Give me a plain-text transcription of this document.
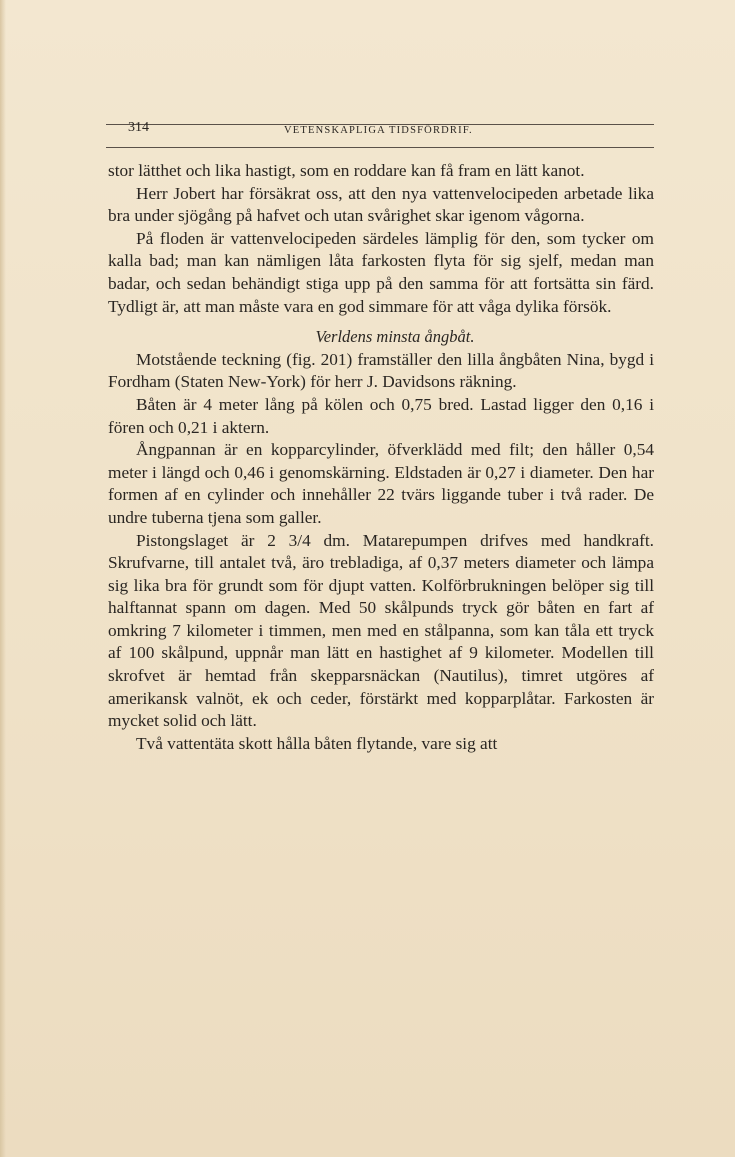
314	VETENSKAPLIGA TIDSFÖRDRIF.

stor lätthet och lika hastigt, som en roddare kan få fram en lätt kanot.

Herr Jobert har försäkrat oss, att den nya vattenvelocipeden arbetade lika bra under sjögång på hafvet och utan svårighet skar igenom vågorna.

På floden är vattenvelocipeden särdeles lämplig för den, som tycker om kalla bad; man kan nämligen låta farkosten flyta för sig sjelf, medan man badar, och sedan behändigt stiga upp på den samma för att fortsätta sin färd. Tydligt är, att man måste vara en god simmare för att våga dylika försök.

Verldens minsta ångbåt.

Motstående teckning (fig. 201) framställer den lilla ångbåten Nina, bygd i Fordham (Staten New-York) för herr J. Davidsons räkning.

Båten är 4 meter lång på kölen och 0,75 bred. Lastad ligger den 0,16 i fören och 0,21 i aktern.

Ångpannan är en kopparcylinder, öfverklädd med filt; den håller 0,54 meter i längd och 0,46 i genomskärning. Eldstaden är 0,27 i diameter. Den har formen af en cylinder och innehåller 22 tvärs liggande tuber i två rader. De undre tuberna tjena som galler.

Pistongslaget är 2 3/4 dm. Matarepumpen drifves med handkraft. Skrufvarne, till antalet två, äro trebladiga, af 0,37 meters diameter och lämpa sig lika bra för grundt som för djupt vatten. Kolförbrukningen belöper sig till halftannat spann om dagen. Med 50 skålpunds tryck gör båten en fart af omkring 7 kilometer i timmen, men med en stålpanna, som kan tåla ett tryck af 100 skålpund, uppnår man lätt en hastighet af 9 kilometer. Modellen till skrofvet är hemtad från skepparsnäckan (Nautilus), timret utgöres af amerikansk valnöt, ek och ceder, förstärkt med kopparplåtar. Farkosten är mycket solid och lätt.

Två vattentäta skott hålla båten flytande, vare sig att
